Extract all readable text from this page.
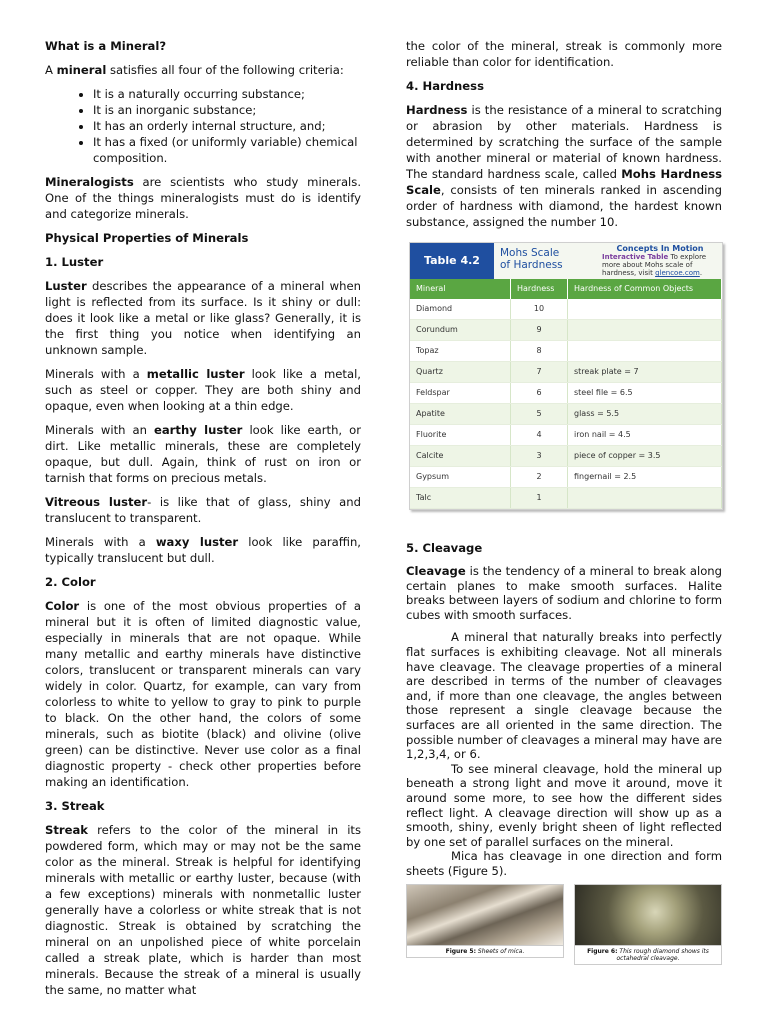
What is a Mineral?

A mineral satisfies all four of the following criteria:

• It is a naturally occurring substance;
• It is an inorganic substance;
• It has an orderly internal structure, and;
• It has a fixed (or uniformly variable) chemical composition.

Mineralogists are scientists who study minerals. One of the things mineralogists must do is identify and categorize minerals.

Physical Properties of Minerals
1. Luster

Luster describes the appearance of a mineral when light is reflected from its surface. Is it shiny or dull: does it look like a metal or like glass? Generally, it is the first thing you notice when identifying an unknown sample.

Minerals with a metallic luster look like a metal, such as steel or copper. They are both shiny and opaque, even when looking at a thin edge.

Minerals with an earthy luster look like earth, or dirt. Like metallic minerals, these are completely opaque, but dull. Again, think of rust on iron or tarnish that forms on precious metals.

Vitreous luster- is like that of glass, shiny and translucent to transparent.

Minerals with a waxy luster look like paraffin, typically translucent but dull.

2. Color

Color is one of the most obvious properties of a mineral but it is often of limited diagnostic value, especially in minerals that are not opaque. While many metallic and earthy minerals have distinctive colors, translucent or transparent minerals can vary widely in color. Quartz, for example, can vary from colorless to white to yellow to gray to pink to purple to black. On the other hand, the colors of some minerals, such as biotite (black) and olivine (olive green) can be distinctive. Never use color as a final diagnostic property - check other properties before making an identification.

3. Streak

Streak refers to the color of the mineral in its powdered form, which may or may not be the same color as the mineral. Streak is helpful for identifying minerals with metallic or earthy luster, because (with a few exceptions) minerals with nonmetallic luster generally have a colorless or white streak that is not diagnostic. Streak is obtained by scratching the mineral on an unpolished piece of white porcelain called a streak plate, which is harder than most minerals. Because the streak of a mineral is usually the same, no matter what

the color of the mineral, streak is commonly more reliable than color for identification.

4. Hardness

Hardness is the resistance of a mineral to scratching or abrasion by other materials. Hardness is determined by scratching the surface of the sample with another mineral or material of known hardness. The standard hardness scale, called Mohs Hardness Scale, consists of ten minerals ranked in ascending order of hardness with diamond, the hardest known substance, assigned the number 10.

Table 4.2
Mohs Scale
of Hardness
Concepts In Motion
Interactive Table To explore more about Mohs scale of hardness, visit glencoe.com.
Mineral	Hardness	Hardness of Common Objects
Diamond	10	
Corundum	9	
Topaz	8	
Quartz	7	streak plate = 7
Feldspar	6	steel file = 6.5
Apatite	5	glass = 5.5
Fluorite	4	iron nail = 4.5
Calcite	3	piece of copper = 3.5
Gypsum	2	fingernail = 2.5
Talc	1	
5. Cleavage

Cleavage is the tendency of a mineral to break along certain planes to make smooth surfaces. Halite breaks between layers of sodium and chlorine to form cubes with smooth surfaces.

A mineral that naturally breaks into perfectly flat surfaces is exhibiting cleavage. Not all minerals have cleavage. The cleavage properties of a mineral are described in terms of the number of cleavages and, if more than one cleavage, the angles between those represent a single cleavage because the surfaces are all oriented in the same direction. The possible number of cleavages a mineral may have are 1,2,3,4, or 6.

To see mineral cleavage, hold the mineral up beneath a strong light and move it around, move it around some more, to see how the different sides reflect light. A cleavage direction will show up as a smooth, shiny, evenly bright sheen of light reflected by one set of parallel surfaces on the mineral.

Mica has cleavage in one direction and form sheets (Figure 5).

Figure 5: Sheets of mica.	Figure 6: This rough diamond shows its octahedral cleavage.
